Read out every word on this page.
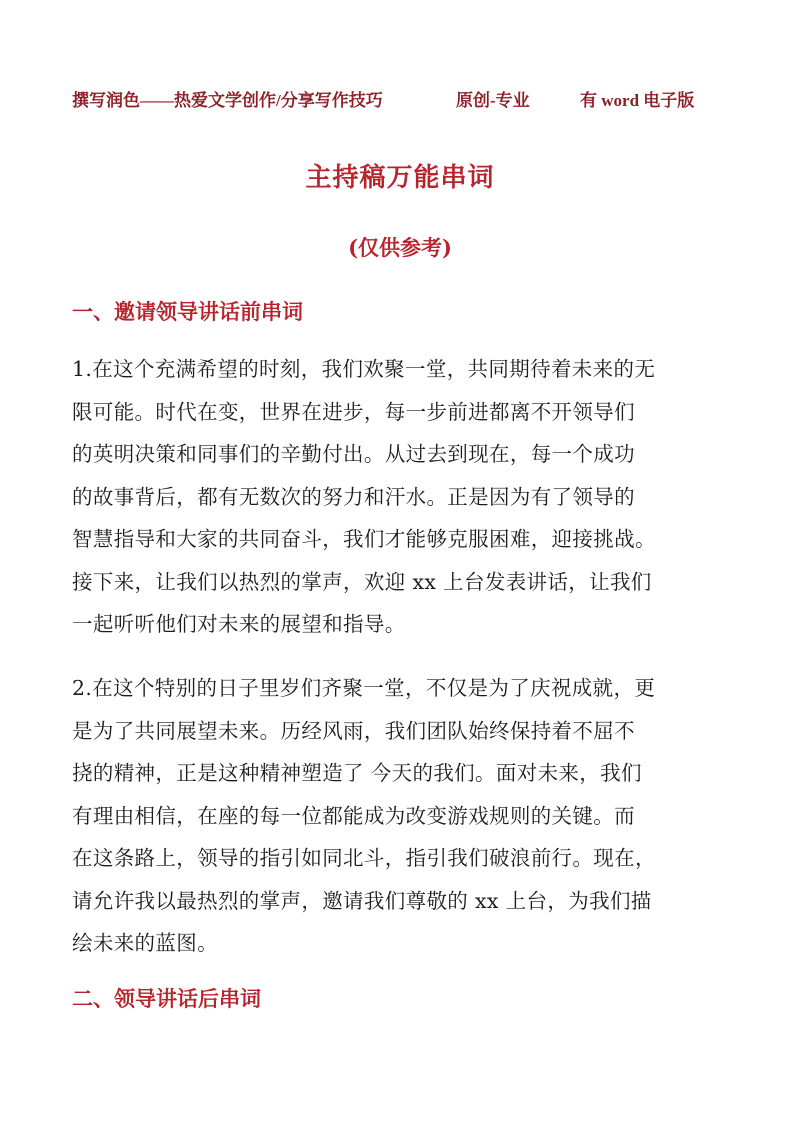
撰写润色——热爱文学创作/分享写作技巧	原创-专业	有 word 电子版
主持稿万能串词
(仅供参考)
一、邀请领导讲话前串词
1.在这个充满希望的时刻，我们欢聚一堂，共同期待着未来的无
限可能。时代在变，世界在进步，每一步前进都离不开领导们
的英明决策和同事们的辛勤付出。从过去到现在，每一个成功
的故事背后，都有无数次的努力和汗水。正是因为有了领导的
智慧指导和大家的共同奋斗，我们才能够克服困难，迎接挑战。
接下来，让我们以热烈的掌声，欢迎 xx 上台发表讲话，让我们
一起听听他们对未来的展望和指导。
2.在这个特别的日子里岁们齐聚一堂，不仅是为了庆祝成就，更
是为了共同展望未来。历经风雨，我们团队始终保持着不屈不
挠的精神，正是这种精神塑造了 今天的我们。面对未来，我们
有理由相信，在座的每一位都能成为改变游戏规则的关键。而
在这条路上，领导的指引如同北斗，指引我们破浪前行。现在，
请允许我以最热烈的掌声，邀请我们尊敬的 xx 上台，为我们描
绘未来的蓝图。
二、领导讲话后串词
